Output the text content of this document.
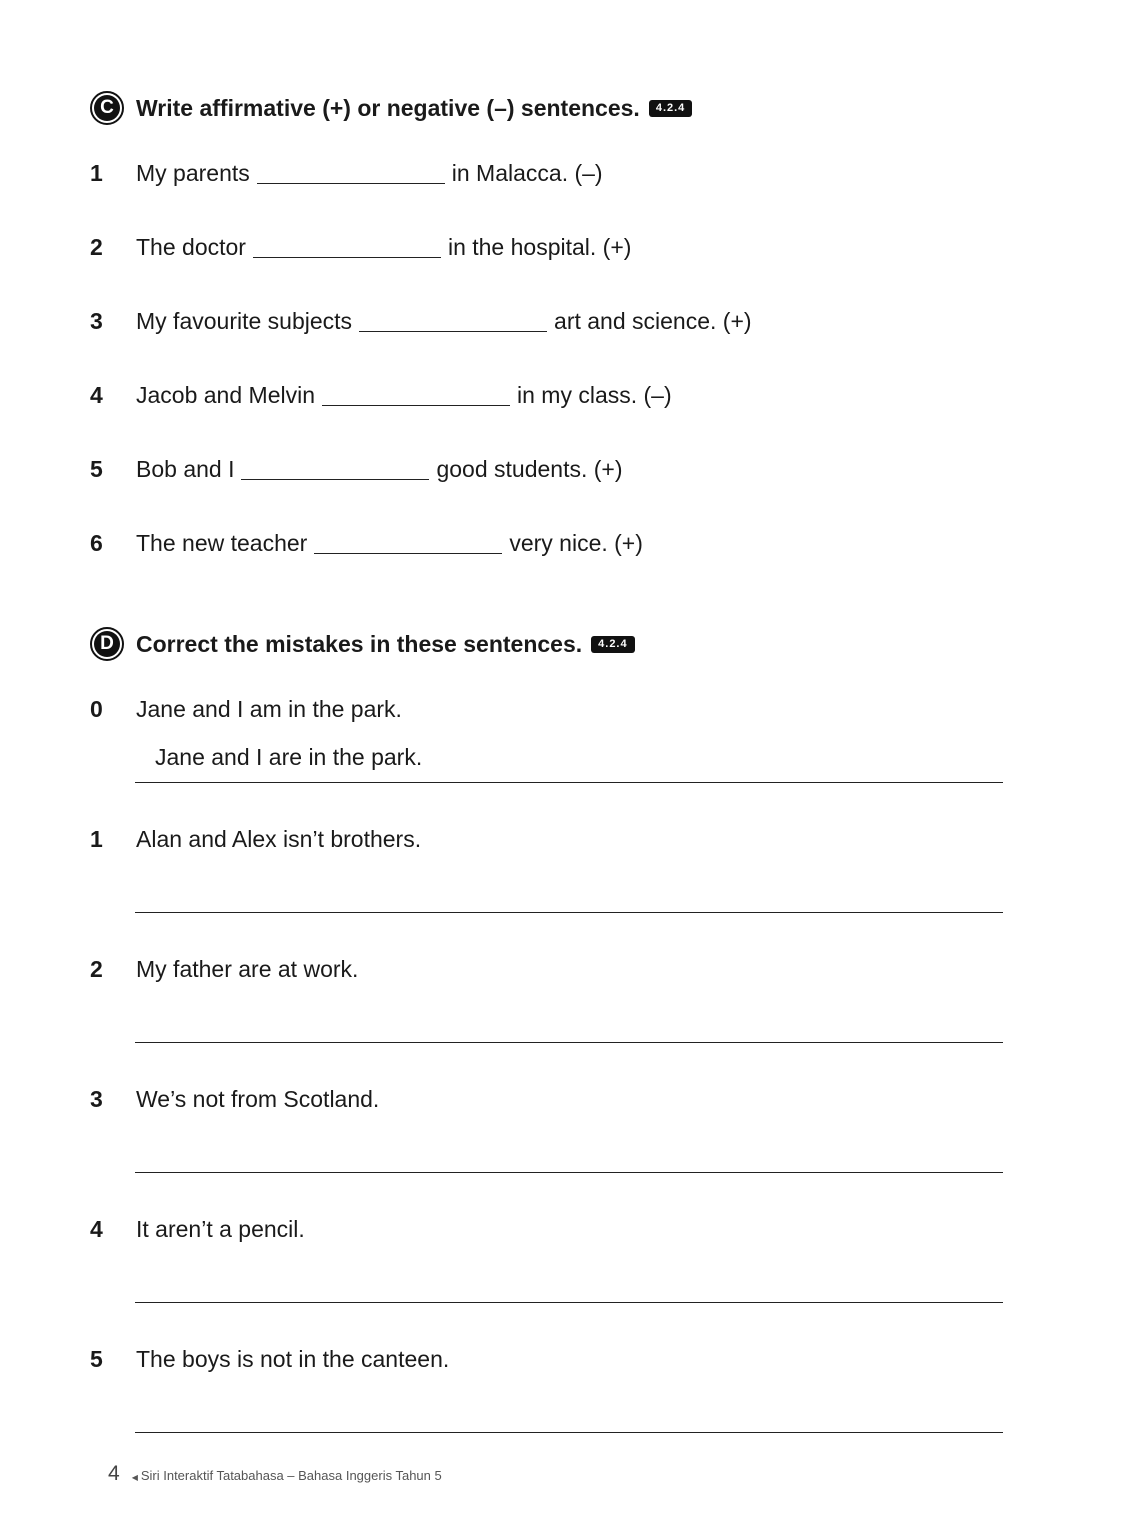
C Write affirmative (+) or negative (–) sentences.	4.2.4
1	My parents	in Malacca. (–)
2	The doctor	in the hospital. (+)
3	My favourite subjects	art and science. (+)
4	Jacob and Melvin	in my class. (–)
5	Bob and I	good students. (+)
6	The new teacher	very nice. (+)
D Correct the mistakes in these sentences.	4.2.4
0	Jane and I am in the park.
Jane and I are in the park.
1	Alan and Alex isn’t brothers.
2	My father are at work.
3	We’s not from Scotland.
4	It aren’t a pencil.
5	The boys is not in the canteen.
4 ◀ Siri Interaktif Tatabahasa – Bahasa Inggeris Tahun 5
